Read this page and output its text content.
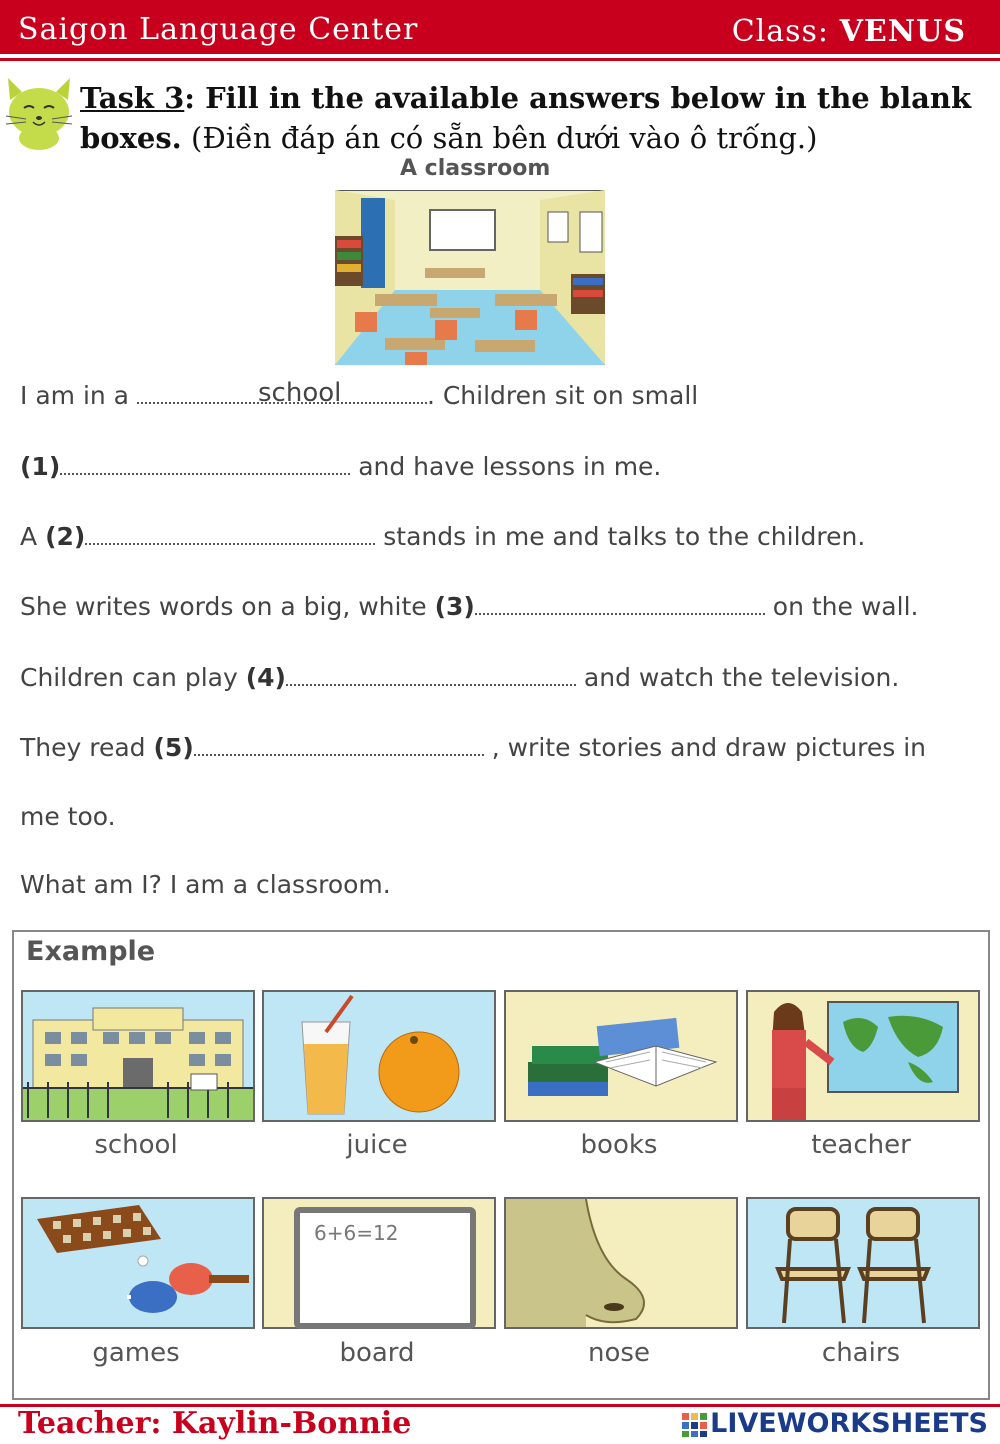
Saigon Language Center	Class: VENUS
Task 3: Fill in the available answers below in the blank boxes. (Điền đáp án có sẵn bên dưới vào ô trống.)
A classroom
I am in a	. Children sit on small
school
(1)	and have lessons in me.
A (2)	stands in me and talks to the children.
She writes words on a big, white (3)	on the wall.
Children can play (4)	and watch the television.
They read (5)	, write stories and draw pictures in
me too.
What am I? I am a classroom.
Example
school	juice	books	teacher
games
6+6=12
board	nose	chairs
Teacher: Kaylin-Bonnie	LIVEWORKSHEETS
